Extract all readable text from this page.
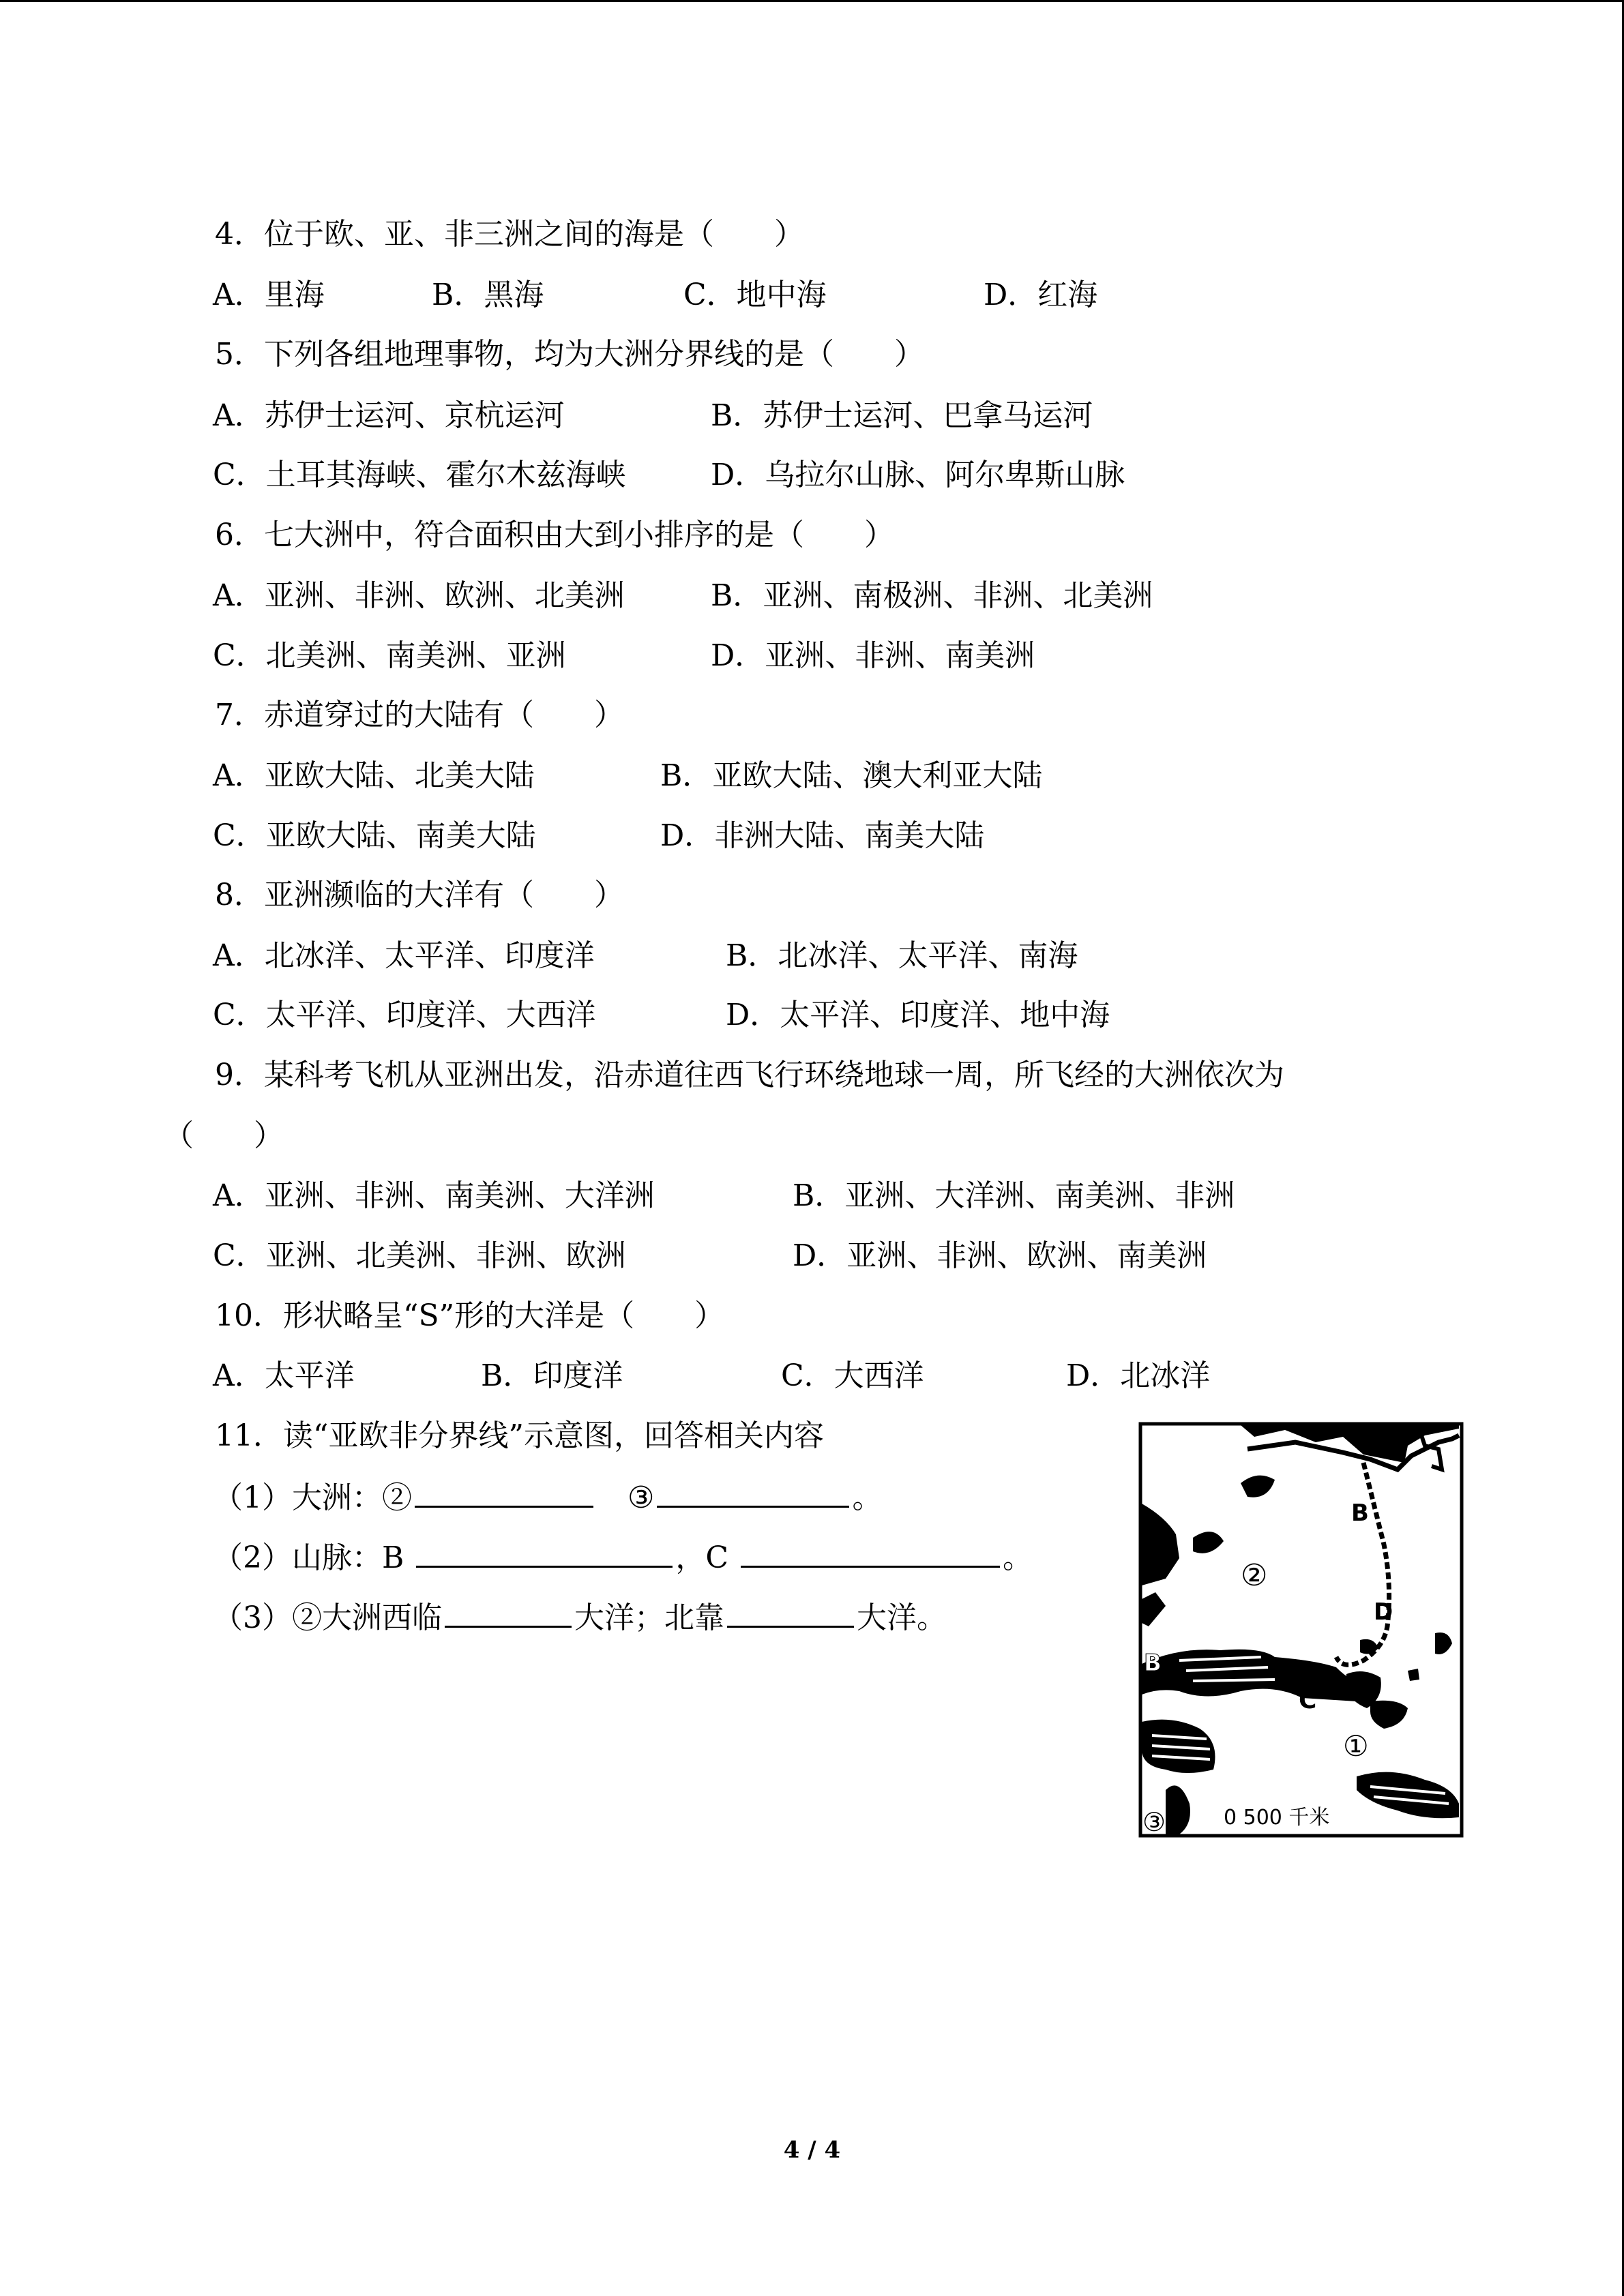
4．位于欧、亚、非三洲之间的海是（　　）
A．里海	B．黑海	C．地中海	D．红海
5．下列各组地理事物，均为大洲分界线的是（　　）
A．苏伊士运河、京杭运河	B．苏伊士运河、巴拿马运河
C．土耳其海峡、霍尔木兹海峡	D．乌拉尔山脉、阿尔卑斯山脉
6．七大洲中，符合面积由大到小排序的是（　　）
A．亚洲、非洲、欧洲、北美洲	B．亚洲、南极洲、非洲、北美洲
C．北美洲、南美洲、亚洲	D．亚洲、非洲、南美洲
7．赤道穿过的大陆有（　　）
A．亚欧大陆、北美大陆	B．亚欧大陆、澳大利亚大陆
C．亚欧大陆、南美大陆	D．非洲大陆、南美大陆
8．亚洲濒临的大洋有（　　）
A．北冰洋、太平洋、印度洋	B．北冰洋、太平洋、南海
C．太平洋、印度洋、大西洋	D．太平洋、印度洋、地中海
9．某科考飞机从亚洲出发，沿赤道往西飞行环绕地球一周，所飞经的大洲依次为
（　　）
A．亚洲、非洲、南美洲、大洋洲	B．亚洲、大洋洲、南美洲、非洲
C．亚洲、北美洲、非洲、欧洲	D．亚洲、非洲、欧洲、南美洲
10．形状略呈“S”形的大洋是（　　）
A．太平洋	B．印度洋	C．大西洋	D．北冰洋
11．读“亚欧非分界线”示意图，回答相关内容
（1）大洲：②	③	。
（2）山脉：B	，C	。
（3）②大洲西临	大洋；北靠	大洋。
B
②
D
B
C
①
A
③	0 500 千米
4 / 4
